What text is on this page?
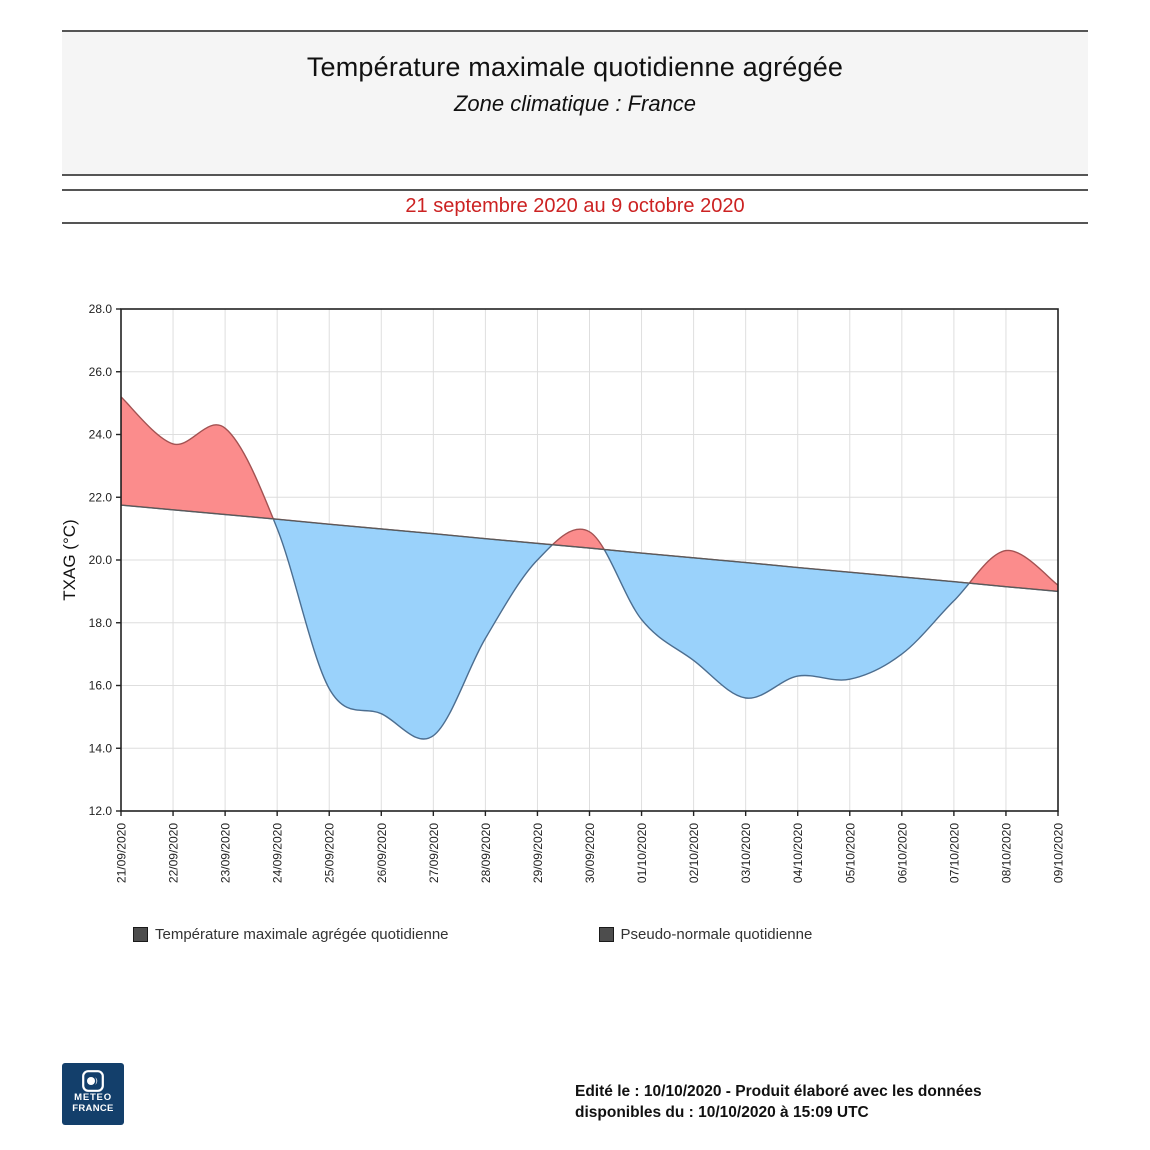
Température maximale quotidienne agrégée
Zone climatique : France
21 septembre 2020 au 9 octobre 2020
12.0
14.0
16.0
18.0
20.0
22.0
24.0
26.0
28.0
21/09/2020	22/09/2020	23/09/2020	24/09/2020	25/09/2020	26/09/2020	27/09/2020	28/09/2020	29/09/2020	30/09/2020	01/10/2020	02/10/2020	03/10/2020	04/10/2020	05/10/2020	06/10/2020	07/10/2020	08/10/2020	09/10/2020
TXAG (°C)
Température maximale agrégée quotidienne	Pseudo-normale quotidienne
METEO
FRANCE
Edité le : 10/10/2020 - Produit élaboré avec les données
disponibles du : 10/10/2020 à 15:09 UTC
